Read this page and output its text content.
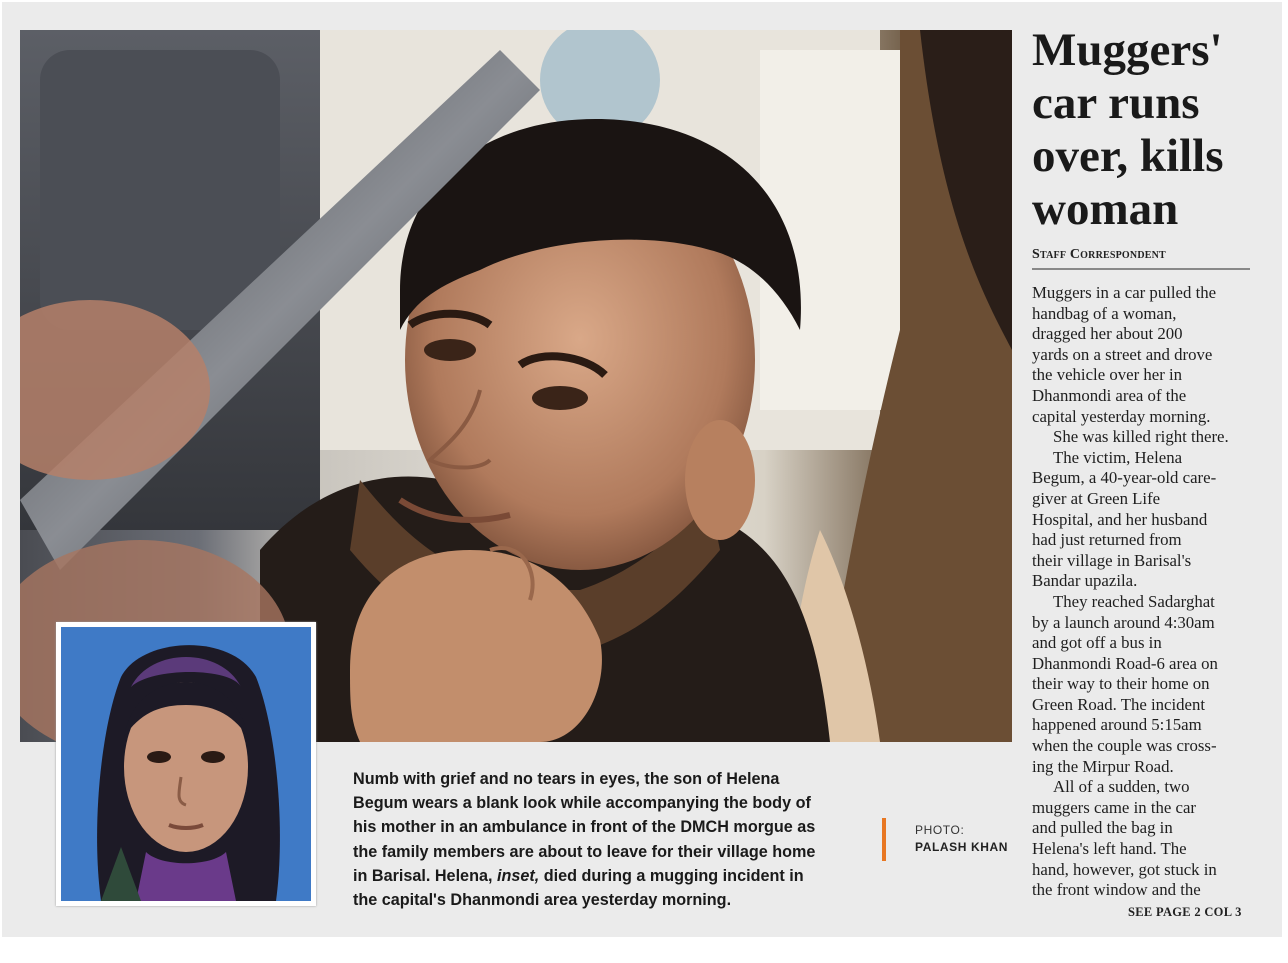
Numb with grief and no tears in eyes, the son of Helena
Begum wears a blank look while accompanying the body of
his mother in an ambulance in front of the DMCH morgue as
the family members are about to leave for their village home
in Barisal. Helena, inset, died during a mugging incident in
the capital's Dhanmondi area yesterday morning.
PHOTO:
PALASH KHAN
Muggers'
car runs
over, kills
woman
Staff Correspondent

Muggers in a car pulled the
handbag of a woman,
dragged her about 200
yards on a street and drove
the vehicle over her in
Dhanmondi area of the
capital yesterday morning.

She was killed right there.

The victim, Helena
Begum, a 40-year-old care-
giver at Green Life
Hospital, and her husband
had just returned from
their village in Barisal's
Bandar upazila.

They reached Sadarghat
by a launch around 4:30am
and got off a bus in
Dhanmondi Road-6 area on
their way to their home on
Green Road. The incident
happened around 5:15am
when the couple was cross-
ing the Mirpur Road.

All of a sudden, two
muggers came in the car
and pulled the bag in
Helena's left hand. The
hand, however, got stuck in
the front window and the

SEE PAGE 2 COL 3
